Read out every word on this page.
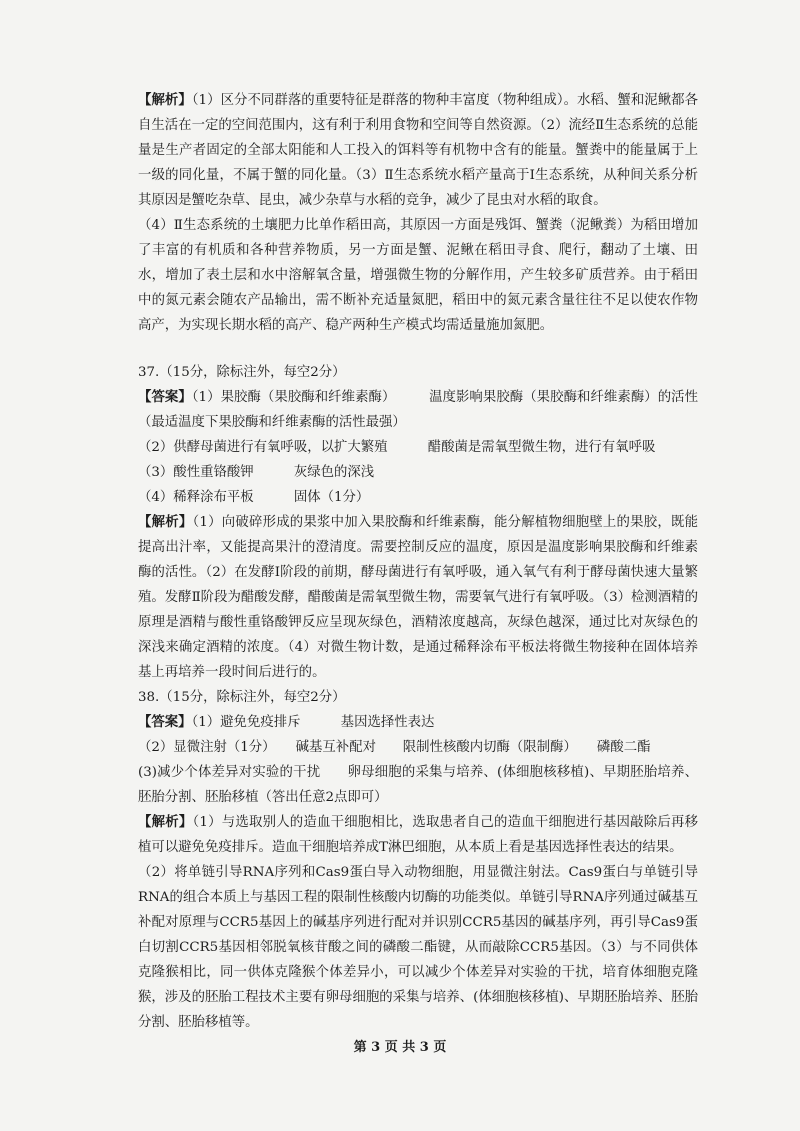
【解析】（1）区分不同群落的重要特征是群落的物种丰富度（物种组成）。水稻、蟹和泥鳅都各自生活在一定的空间范围内，这有利于利用食物和空间等自然资源。（2）流经Ⅱ生态系统的总能量是生产者固定的全部太阳能和人工投入的饵料等有机物中含有的能量。蟹粪中的能量属于上一级的同化量，不属于蟹的同化量。（3）Ⅱ生态系统水稻产量高于Ⅰ生态系统，从种间关系分析其原因是蟹吃杂草、昆虫，减少杂草与水稻的竞争，减少了昆虫对水稻的取食。

（4）Ⅱ生态系统的土壤肥力比单作稻田高，其原因一方面是残饵、蟹粪（泥鳅粪）为稻田增加了丰富的有机质和各种营养物质，另一方面是蟹、泥鳅在稻田寻食、爬行，翻动了土壤、田水，增加了表土层和水中溶解氧含量，增强微生物的分解作用，产生较多矿质营养。由于稻田中的氮元素会随农产品输出，需不断补充适量氮肥，稻田中的氮元素含量往往不足以使农作物高产，为实现长期水稻的高产、稳产两种生产模式均需适量施加氮肥。

37.（15分，除标注外，每空2分）

【答案】（1）果胶酶（果胶酶和纤维素酶）　　　温度影响果胶酶（果胶酶和纤维素酶）的活性（最适温度下果胶酶和纤维素酶的活性最强）

（2）供酵母菌进行有氧呼吸，以扩大繁殖　　　醋酸菌是需氧型微生物，进行有氧呼吸

（3）酸性重铬酸钾　　　灰绿色的深浅

（4）稀释涂布平板　　　固体（1分）

【解析】（1）向破碎形成的果浆中加入果胶酶和纤维素酶，能分解植物细胞壁上的果胶，既能提高出汁率，又能提高果汁的澄清度。需要控制反应的温度，原因是温度影响果胶酶和纤维素酶的活性。（2）在发酵Ⅰ阶段的前期，酵母菌进行有氧呼吸，通入氧气有利于酵母菌快速大量繁殖。发酵Ⅱ阶段为醋酸发酵，醋酸菌是需氧型微生物，需要氧气进行有氧呼吸。（3）检测酒精的原理是酒精与酸性重铬酸钾反应呈现灰绿色，酒精浓度越高，灰绿色越深，通过比对灰绿色的深浅来确定酒精的浓度。（4）对微生物计数，是通过稀释涂布平板法将微生物接种在固体培养基上再培养一段时间后进行的。

38.（15分，除标注外，每空2分）

【答案】（1）避免免疫排斥　　　基因选择性表达

（2）显微注射（1分）　　碱基互补配对　　限制性核酸内切酶（限制酶）　　磷酸二酯

(3)减少个体差异对实验的干扰　　卵母细胞的采集与培养、(体细胞核移植)、早期胚胎培养、胚胎分割、胚胎移植（答出任意2点即可）

【解析】（1）与选取别人的造血干细胞相比，选取患者自己的造血干细胞进行基因敲除后再移植可以避免免疫排斥。造血干细胞培养成T淋巴细胞，从本质上看是基因选择性表达的结果。

（2）将单链引导RNA序列和Cas9蛋白导入动物细胞，用显微注射法。Cas9蛋白与单链引导RNA的组合本质上与基因工程的限制性核酸内切酶的功能类似。单链引导RNA序列通过碱基互补配对原理与CCR5基因上的碱基序列进行配对并识别CCR5基因的碱基序列，再引导Cas9蛋白切割CCR5基因相邻脱氧核苷酸之间的磷酸二酯键，从而敲除CCR5基因。（3）与不同供体克隆猴相比，同一供体克隆猴个体差异小，可以减少个体差异对实验的干扰，培育体细胞克隆猴，涉及的胚胎工程技术主要有卵母细胞的采集与培养、(体细胞核移植)、早期胚胎培养、胚胎分割、胚胎移植等。

第 3 页 共 3 页
